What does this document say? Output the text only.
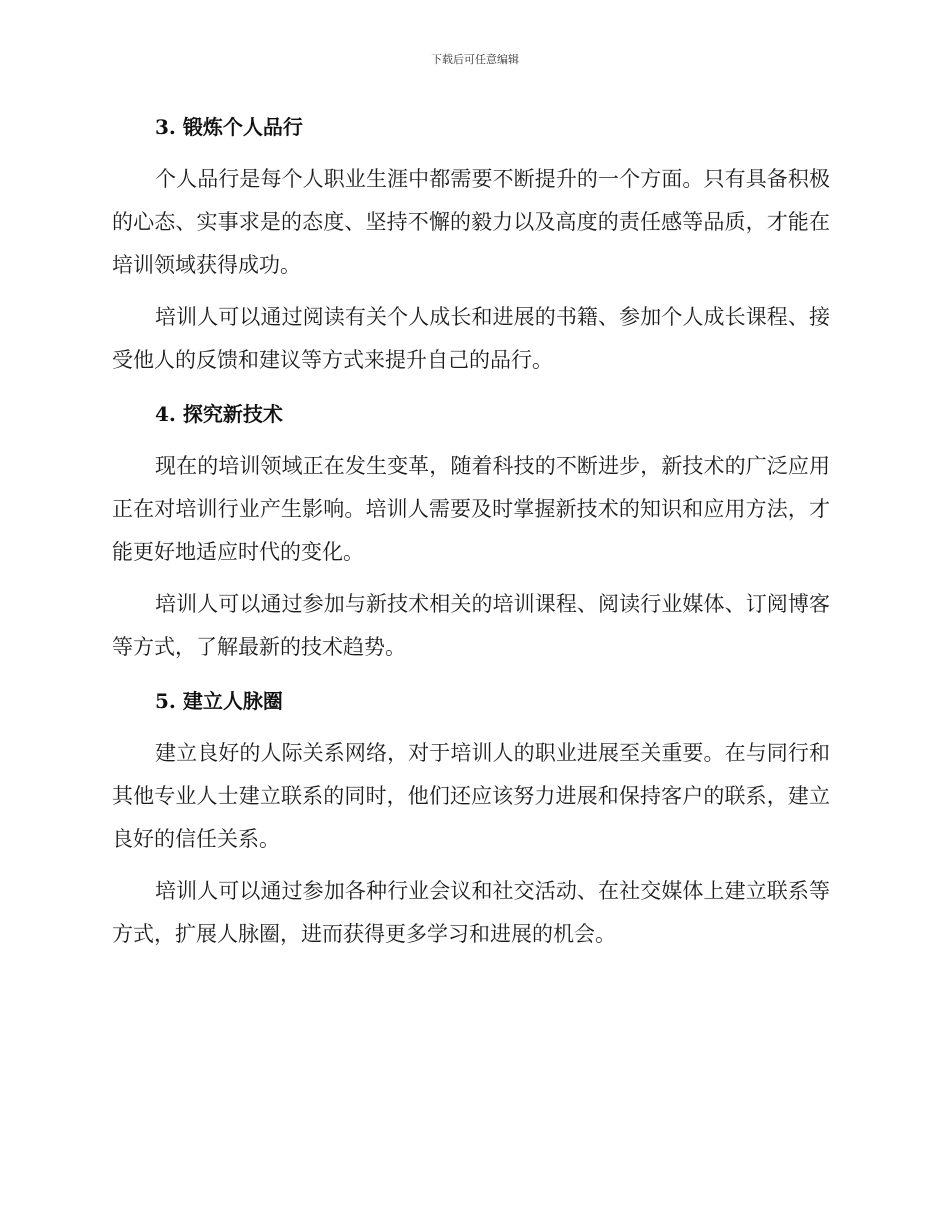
下载后可任意编辑
3. 锻炼个人品行

个人品行是每个人职业生涯中都需要不断提升的一个方面。只有具备积极的心态、实事求是的态度、坚持不懈的毅力以及高度的责任感等品质，才能在培训领域获得成功。

培训人可以通过阅读有关个人成长和进展的书籍、参加个人成长课程、接受他人的反馈和建议等方式来提升自己的品行。

4. 探究新技术

现在的培训领域正在发生变革，随着科技的不断进步，新技术的广泛应用正在对培训行业产生影响。培训人需要及时掌握新技术的知识和应用方法，才能更好地适应时代的变化。

培训人可以通过参加与新技术相关的培训课程、阅读行业媒体、订阅博客等方式，了解最新的技术趋势。

5. 建立人脉圈

建立良好的人际关系网络，对于培训人的职业进展至关重要。在与同行和其他专业人士建立联系的同时，他们还应该努力进展和保持客户的联系，建立良好的信任关系。

培训人可以通过参加各种行业会议和社交活动、在社交媒体上建立联系等方式，扩展人脉圈，进而获得更多学习和进展的机会。
